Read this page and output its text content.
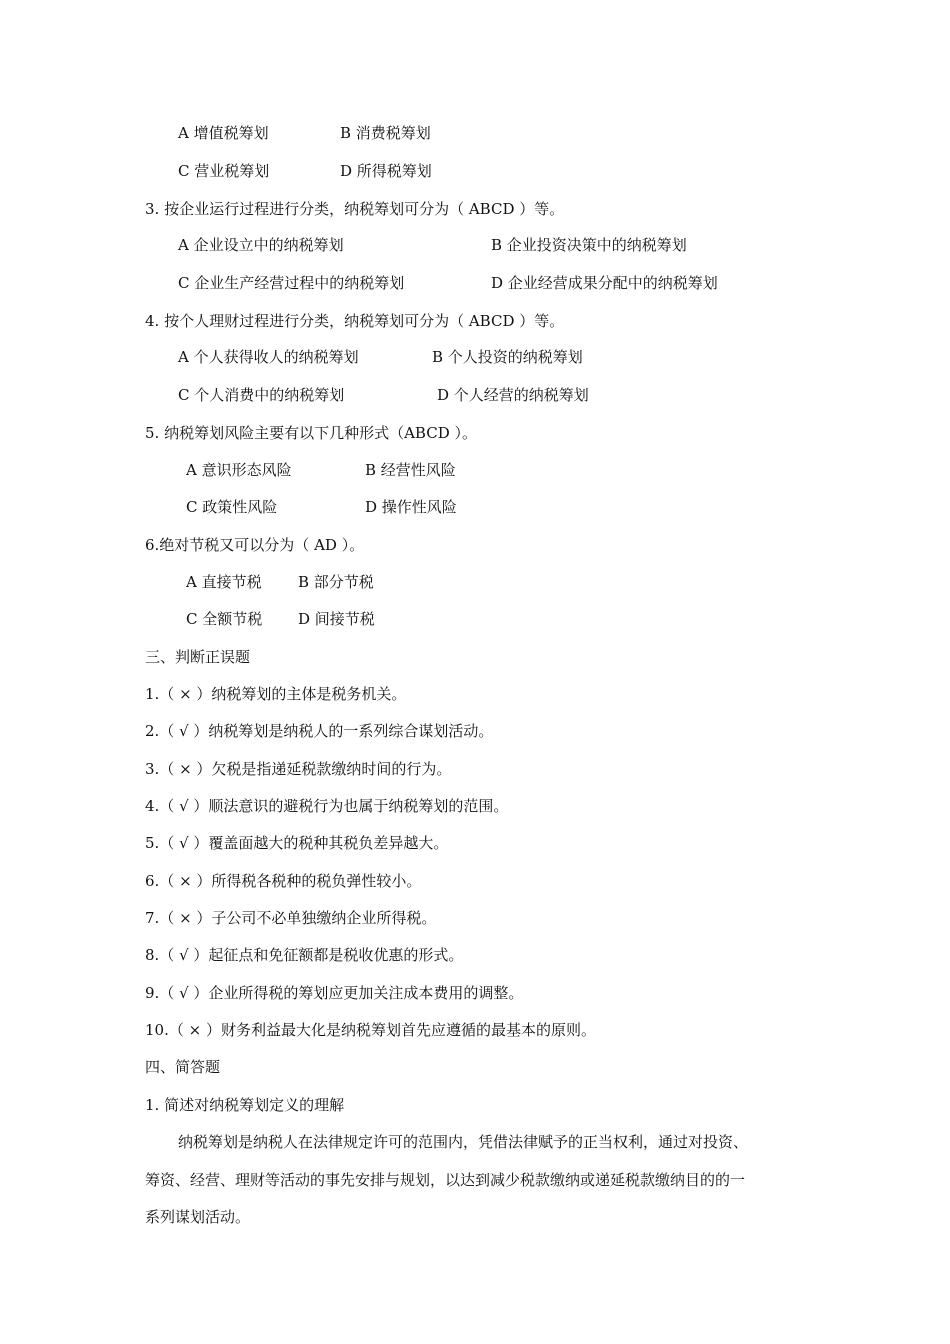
A 增值税筹划	B 消费税筹划
C 营业税筹划	D 所得税筹划
3. 按企业运行过程进行分类，纳税筹划可分为（ ABCD ）等。
A 企业设立中的纳税筹划	B 企业投资决策中的纳税筹划
C 企业生产经营过程中的纳税筹划	D 企业经营成果分配中的纳税筹划
4. 按个人理财过程进行分类，纳税筹划可分为（ ABCD ）等。
A 个人获得收人的纳税筹划	B 个人投资的纳税筹划
C 个人消费中的纳税筹划	D 个人经营的纳税筹划
5. 纳税筹划风险主要有以下几种形式（ABCD ）。
A 意识形态风险	B 经营性风险
C 政策性风险	D 操作性风险
6.绝对节税又可以分为（ AD ）。
A 直接节税 B 部分节税
C 全额节税 D 间接节税
三、判断正误题
1.（ × ）纳税筹划的主体是税务机关。
2.（ √ ）纳税筹划是纳税人的一系列综合谋划活动。
3.（ × ）欠税是指递延税款缴纳时间的行为。
4.（ √ ）顺法意识的避税行为也属于纳税筹划的范围。
5.（ √ ）覆盖面越大的税种其税负差异越大。
6.（ × ）所得税各税种的税负弹性较小。
7.（ × ）子公司不必单独缴纳企业所得税。
8.（ √ ）起征点和免征额都是税收优惠的形式。
9.（ √ ）企业所得税的筹划应更加关注成本费用的调整。
10.（ × ）财务利益最大化是纳税筹划首先应遵循的最基本的原则。
四、简答题
1. 简述对纳税筹划定义的理解
纳税筹划是纳税人在法律规定许可的范围内，凭借法律赋予的正当权利，通过对投资、
筹资、经营、理财等活动的事先安排与规划，以达到减少税款缴纳或递延税款缴纳目的的一
系列谋划活动。
